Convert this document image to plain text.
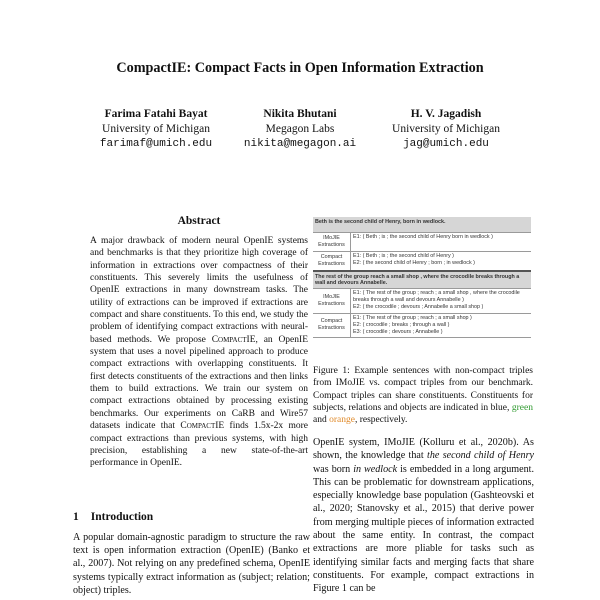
CompactIE: Compact Facts in Open Information Extraction
Farima Fatahi Bayat
University of Michigan
farimaf@umich.edu
Nikita Bhutani
Megagon Labs
nikita@megagon.ai
H. V. Jagadish
University of Michigan
jag@umich.edu
Abstract

A major drawback of modern neural OpenIE systems and benchmarks is that they prioritize high coverage of information in extractions over compactness of their constituents. This severely limits the usefulness of OpenIE extractions in many downstream tasks. The utility of extractions can be improved if extractions are compact and share constituents. To this end, we study the problem of identifying compact extractions with neural-based methods. We propose CompactIE, an OpenIE system that uses a novel pipelined approach to produce compact extractions with overlapping constituents. It first detects constituents of the extractions and then links them to build extractions. We train our system on compact extractions obtained by processing existing benchmarks. Our experiments on CaRB and Wire57 datasets indicate that CompactIE finds 1.5x-2x more compact extractions than previous systems, with high precision, establishing a new state-of-the-art performance in OpenIE.

1 Introduction

A popular domain-agnostic paradigm to structure the raw text is open information extraction (OpenIE) (Banko et al., 2007). Not relying on any predefined schema, OpenIE systems typically extract information as (subject; relation; object) triples.

Beth is the second child of Henry, born in wedlock.
IMoJIE Extractions
E1: ( Beth ; is ; the second child of Henry born in wedlock )
Compact Extractions
E1: ( Beth ; is ; the second child of Henry )
E2: ( the second child of Henry ; born ; in wedlock )
The rest of the group reach a small shop , where the crocodile breaks through a wall and devours Annabelle.
IMoJIE Extractions
E1: ( The rest of the group ; reach ; a small shop , where the crocodile breaks through a wall and devours Annabelle )
E2: ( the crocodile ; devours ; Annabelle a small shop )
Compact Extractions
E1: ( The rest of the group ; reach ; a small shop )
E2: ( crocodile ; breaks ; through a wall )
E3: ( crocodile ; devours ; Annabelle )

Figure 1: Example sentences with non-compact triples from IMoJIE vs. compact triples from our benchmark. Compact triples can share constituents. Constituents for subjects, relations and objects are indicated in blue, green and orange, respectively.

OpenIE system, IMoJIE (Kolluru et al., 2020b). As shown, the knowledge that the second child of Henry was born in wedlock is embedded in a long argument. This can be problematic for downstream applications, especially knowledge base population (Gashteovski et al., 2020; Stanovsky et al., 2015) that derive power from merging multiple pieces of information extracted about the same entity. In contrast, the compact extractions are more pliable for tasks such as identifying similar facts and merging facts that share constituents. For example, compact extractions in Figure 1 can be
